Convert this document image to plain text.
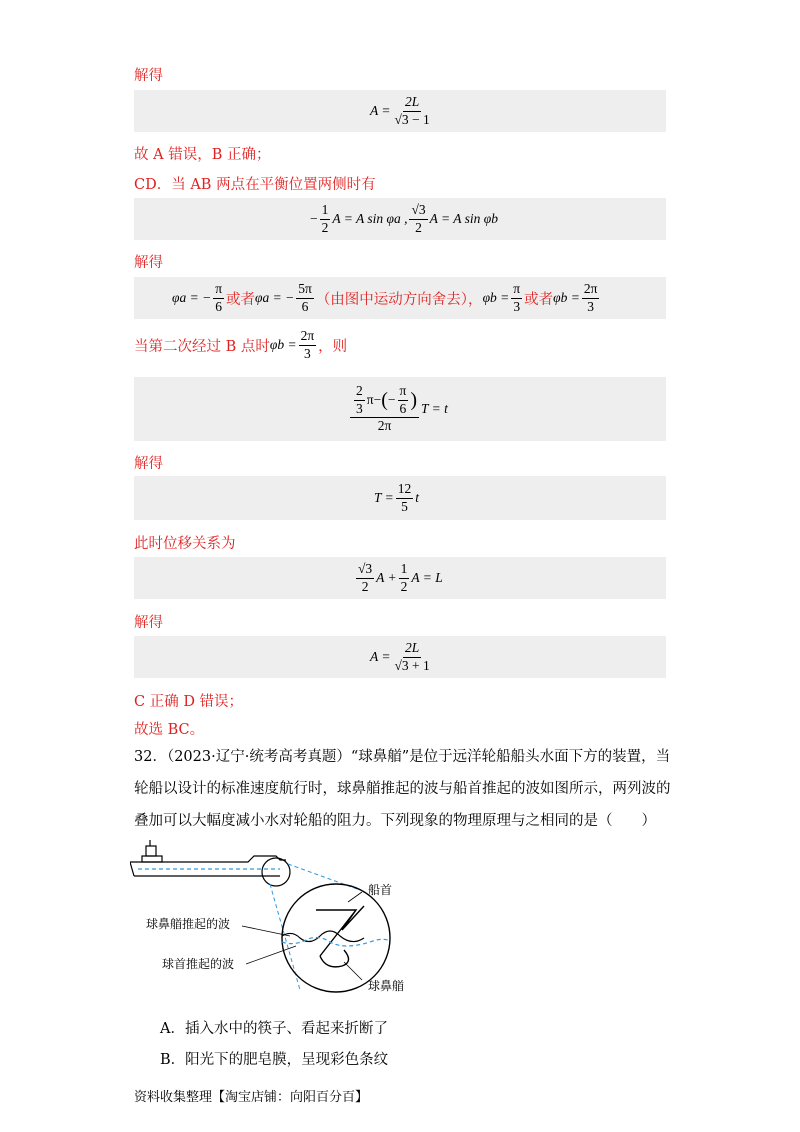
解得
$A = \frac{2L}{√3 - 1}$
故 A 错误，B 正确；
CD．当 AB 两点在平衡位置两侧时有
− $\frac{1}{2}$ A = A sin φa , $\frac{√3}{2}$ A = A sin φb
解得
φa = − $\frac{\pi}{6}$ 或者 φa = − $\frac{5\pi}{6}$ （由图中运动方向舍去）， $\varphi b = \frac{\pi}{3}$ 或者 $\varphi b = \frac{2\pi}{3}$
当第二次经过 B 点时 $\varphi b = \frac{2\pi}{3}$ ，则
$\frac{2}{3}$ π − ( − $\frac{\pi}{6}$ )
2π
T = t
解得
$T = \frac{12}{5}$ t
此时位移关系为
$\frac{√3}{2}$ $A + \frac{1}{2}$ A = L
解得
$A = \frac{2L}{√3 + 1}$
C 正确 D 错误；
故选 BC。
32．（2023·辽宁·统考高考真题）“球鼻艏”是位于远洋轮船船头水面下方的装置，当
轮船以设计的标准速度航行时，球鼻艏推起的波与船首推起的波如图所示，两列波的
叠加可以大幅度减小水对轮船的阻力。下列现象的物理原理与之相同的是（　　）
船首
球鼻艏推起的波
球首推起的波
球鼻艏
A．插入水中的筷子、看起来折断了
B．阳光下的肥皂膜，呈现彩色条纹
资料收集整理【淘宝店铺：向阳百分百】
